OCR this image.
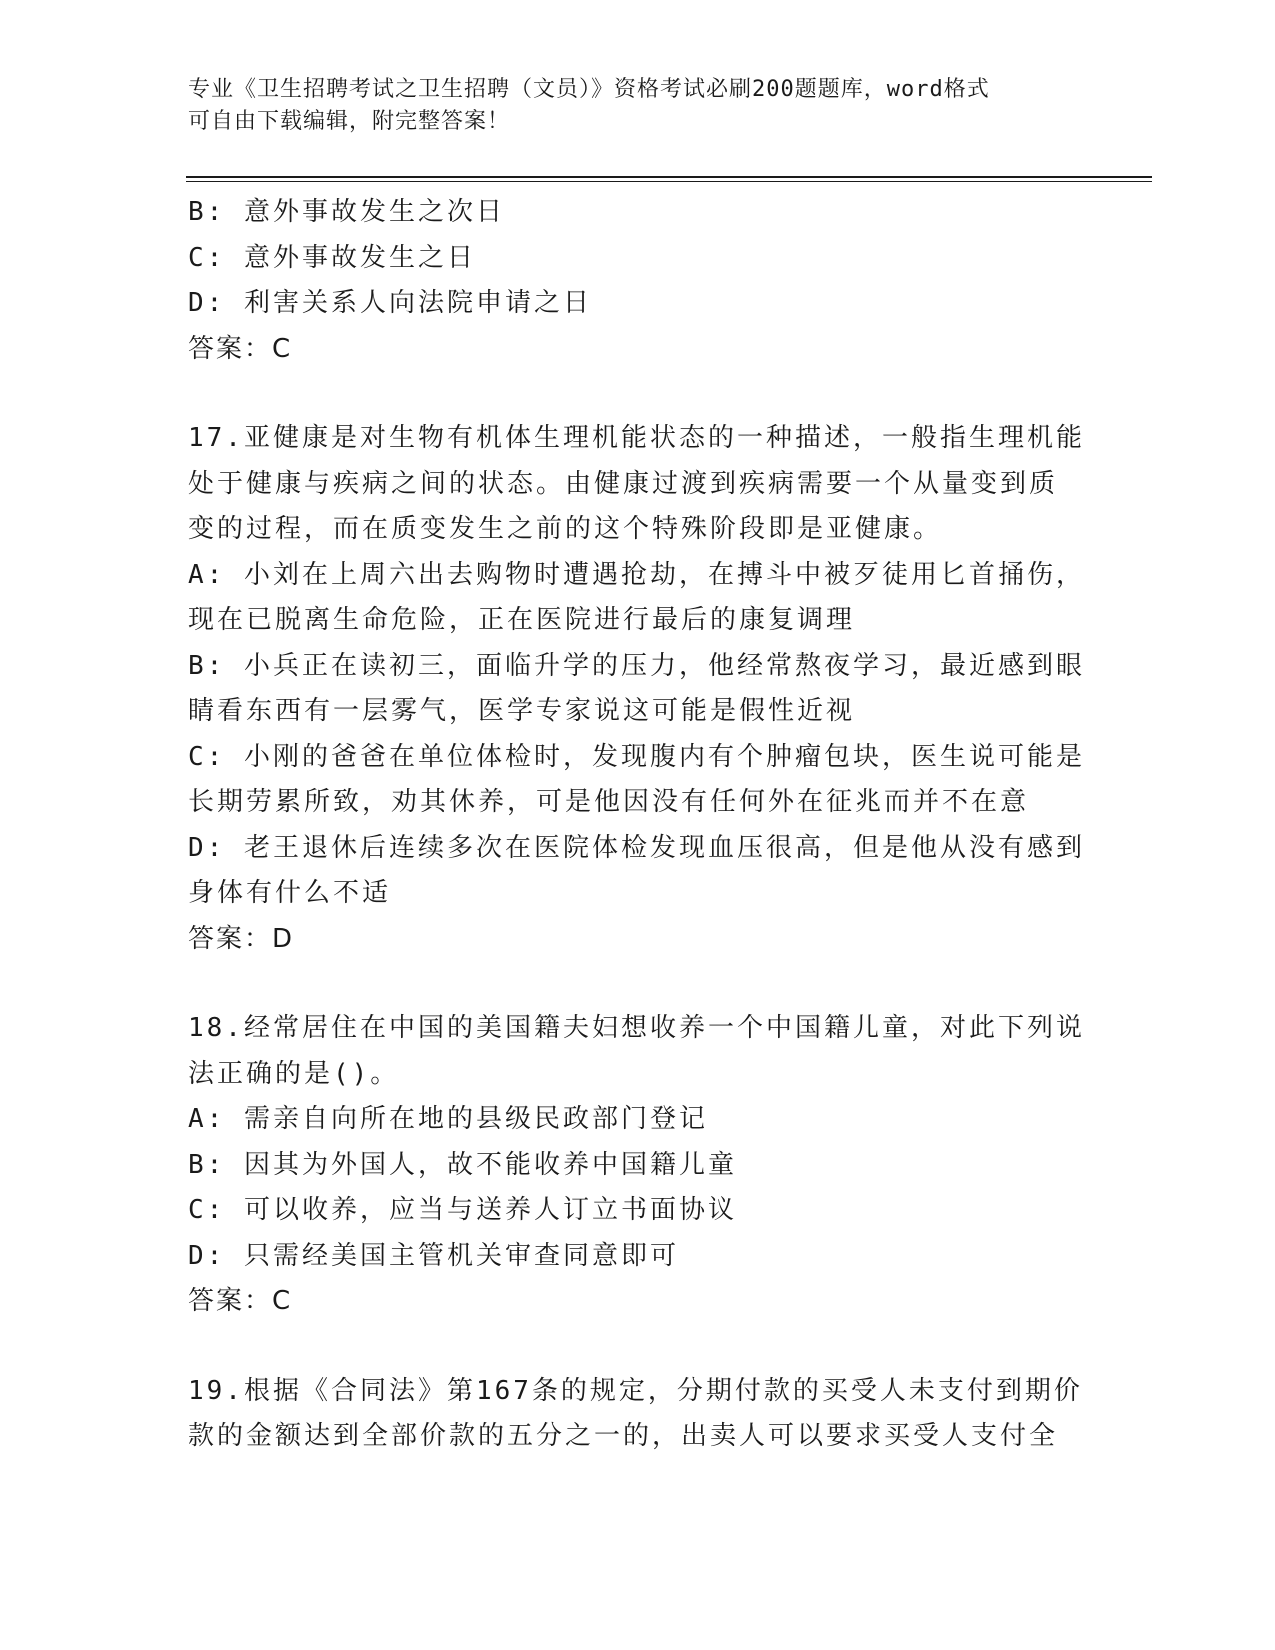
专业《卫生招聘考试之卫生招聘（文员）》资格考试必刷200题题库，word格式
可自由下载编辑，附完整答案！

B: 意外事故发生之次日

C: 意外事故发生之日

D: 利害关系人向法院申请之日

答案：C

17.亚健康是对生物有机体生理机能状态的一种描述，一般指生理机能

处于健康与疾病之间的状态。由健康过渡到疾病需要一个从量变到质

变的过程，而在质变发生之前的这个特殊阶段即是亚健康。

A: 小刘在上周六出去购物时遭遇抢劫，在搏斗中被歹徒用匕首捅伤，

现在已脱离生命危险，正在医院进行最后的康复调理

B: 小兵正在读初三，面临升学的压力，他经常熬夜学习，最近感到眼

睛看东西有一层雾气，医学专家说这可能是假性近视

C: 小刚的爸爸在单位体检时，发现腹内有个肿瘤包块，医生说可能是

长期劳累所致，劝其休养，可是他因没有任何外在征兆而并不在意

D: 老王退休后连续多次在医院体检发现血压很高，但是他从没有感到

身体有什么不适

答案：D

18.经常居住在中国的美国籍夫妇想收养一个中国籍儿童，对此下列说

法正确的是()。

A: 需亲自向所在地的县级民政部门登记

B: 因其为外国人，故不能收养中国籍儿童

C: 可以收养，应当与送养人订立书面协议

D: 只需经美国主管机关审查同意即可

答案：C

19.根据《合同法》第167条的规定，分期付款的买受人未支付到期价

款的金额达到全部价款的五分之一的，出卖人可以要求买受人支付全
